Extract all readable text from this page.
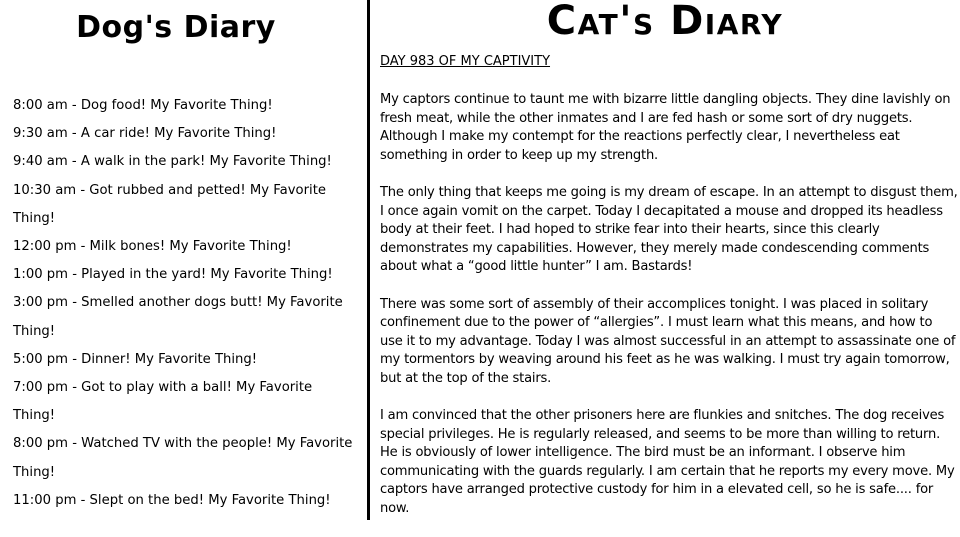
Dog's Diary
8:00 am - Dog food! My Favorite Thing!
9:30 am - A car ride! My Favorite Thing!
9:40 am - A walk in the park! My Favorite Thing!
10:30 am - Got rubbed and petted! My Favorite Thing!
12:00 pm - Milk bones! My Favorite Thing!
1:00 pm - Played in the yard! My Favorite Thing!
3:00 pm - Smelled another dogs butt! My Favorite Thing!
5:00 pm - Dinner! My Favorite Thing!
7:00 pm - Got to play with a ball! My Favorite Thing!
8:00 pm - Watched TV with the people! My Favorite Thing!
11:00 pm - Slept on the bed! My Favorite Thing!
Cat's Diary
DAY 983 OF MY CAPTIVITY

My captors continue to taunt me with bizarre little dangling objects. They dine lavishly on fresh meat, while the other inmates and I are fed hash or some sort of dry nuggets. Although I make my contempt for the reactions perfectly clear, I nevertheless eat something in order to keep up my strength.

The only thing that keeps me going is my dream of escape. In an attempt to disgust them, I once again vomit on the carpet. Today I decapitated a mouse and dropped its headless body at their feet. I had hoped to strike fear into their hearts, since this clearly demonstrates my capabilities. However, they merely made condescending comments about what a “good little hunter” I am. Bastards!

There was some sort of assembly of their accomplices tonight. I was placed in solitary confinement due to the power of “allergies”. I must learn what this means, and how to use it to my advantage. Today I was almost successful in an attempt to assassinate one of my tormentors by weaving around his feet as he was walking. I must try again tomorrow, but at the top of the stairs.

I am convinced that the other prisoners here are flunkies and snitches. The dog receives special privileges. He is regularly released, and seems to be more than willing to return. He is obviously of lower intelligence. The bird must be an informant. I observe him communicating with the guards regularly. I am certain that he reports my every move. My captors have arranged protective custody for him in a elevated cell, so he is safe.... for now.
